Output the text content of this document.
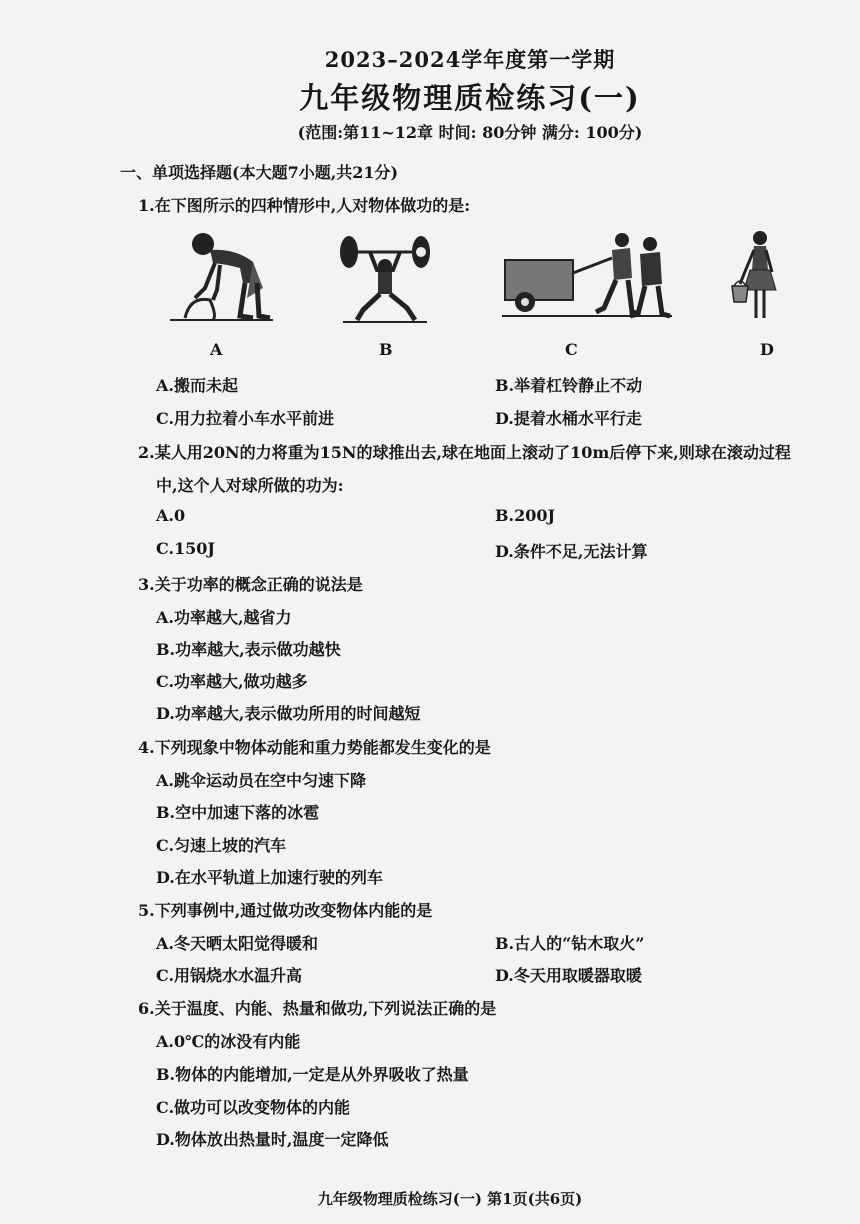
2023–2024学年度第一学期
九年级物理质检练习(一)
(范围:第11~12章 时间: 80分钟 满分: 100分)
一、单项选择题(本大题7小题,共21分)
1.在下图所示的四种情形中,人对物体做功的是:
A	B	C	D
A.搬而未起	B.举着杠铃静止不动
C.用力拉着小车水平前进	D.提着水桶水平行走
2.某人用20N的力将重为15N的球推出去,球在地面上滚动了10m后停下来,则球在滚动过程
中,这个人对球所做的功为:
A.0	B.200J
C.150J	D.条件不足,无法计算
3.关于功率的概念正确的说法是
A.功率越大,越省力
B.功率越大,表示做功越快
C.功率越大,做功越多
D.功率越大,表示做功所用的时间越短
4.下列现象中物体动能和重力势能都发生变化的是
A.跳伞运动员在空中匀速下降
B.空中加速下落的冰雹
C.匀速上坡的汽车
D.在水平轨道上加速行驶的列车
5.下列事例中,通过做功改变物体内能的是
A.冬天晒太阳觉得暖和	B.古人的“钻木取火”
C.用锅烧水水温升高	D.冬天用取暖器取暖
6.关于温度、内能、热量和做功,下列说法正确的是
A.0℃的冰没有内能
B.物体的内能增加,一定是从外界吸收了热量
C.做功可以改变物体的内能
D.物体放出热量时,温度一定降低
九年级物理质检练习(一) 第1页(共6页)
